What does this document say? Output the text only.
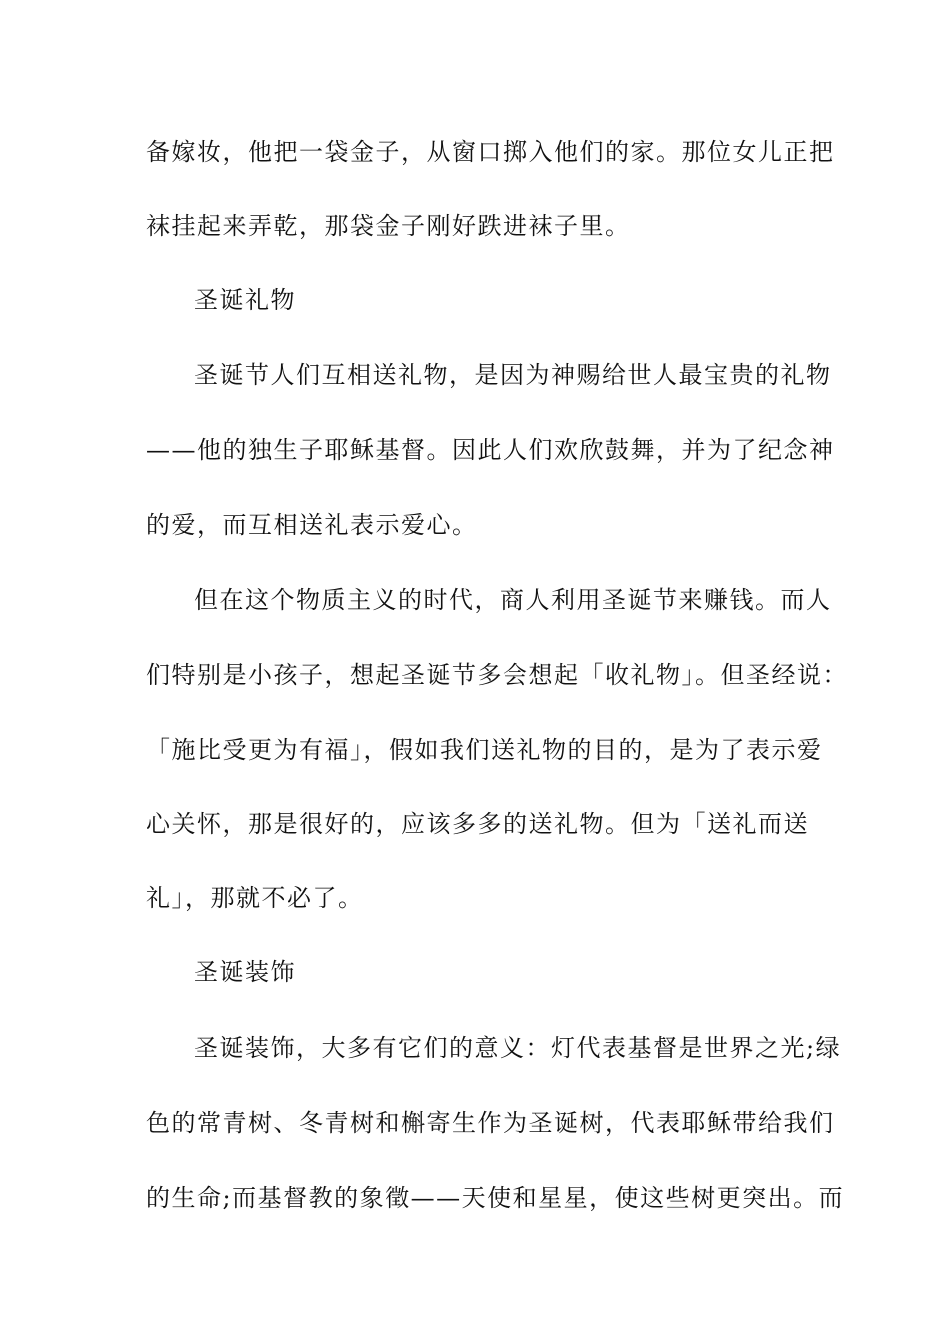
备嫁妆，他把一袋金子，从窗口掷入他们的家。那位女儿正把
袜挂起来弄乾，那袋金子刚好跌进袜子里。
圣诞礼物
圣诞节人们互相送礼物，是因为神赐给世人最宝贵的礼物
——他的独生子耶稣基督。因此人们欢欣鼓舞，并为了纪念神
的爱，而互相送礼表示爱心。
但在这个物质主义的时代，商人利用圣诞节来赚钱。而人
们特别是小孩子，想起圣诞节多会想起「收礼物」。但圣经说：
「施比受更为有福」，假如我们送礼物的目的，是为了表示爱
心关怀，那是很好的，应该多多的送礼物。但为「送礼而送
礼」，那就不必了。
圣诞装饰
圣诞装饰，大多有它们的意义：灯代表基督是世界之光;绿
色的常青树、冬青树和槲寄生作为圣诞树，代表耶稣带给我们
的生命;而基督教的象徵——天使和星星，使这些树更突出。而
